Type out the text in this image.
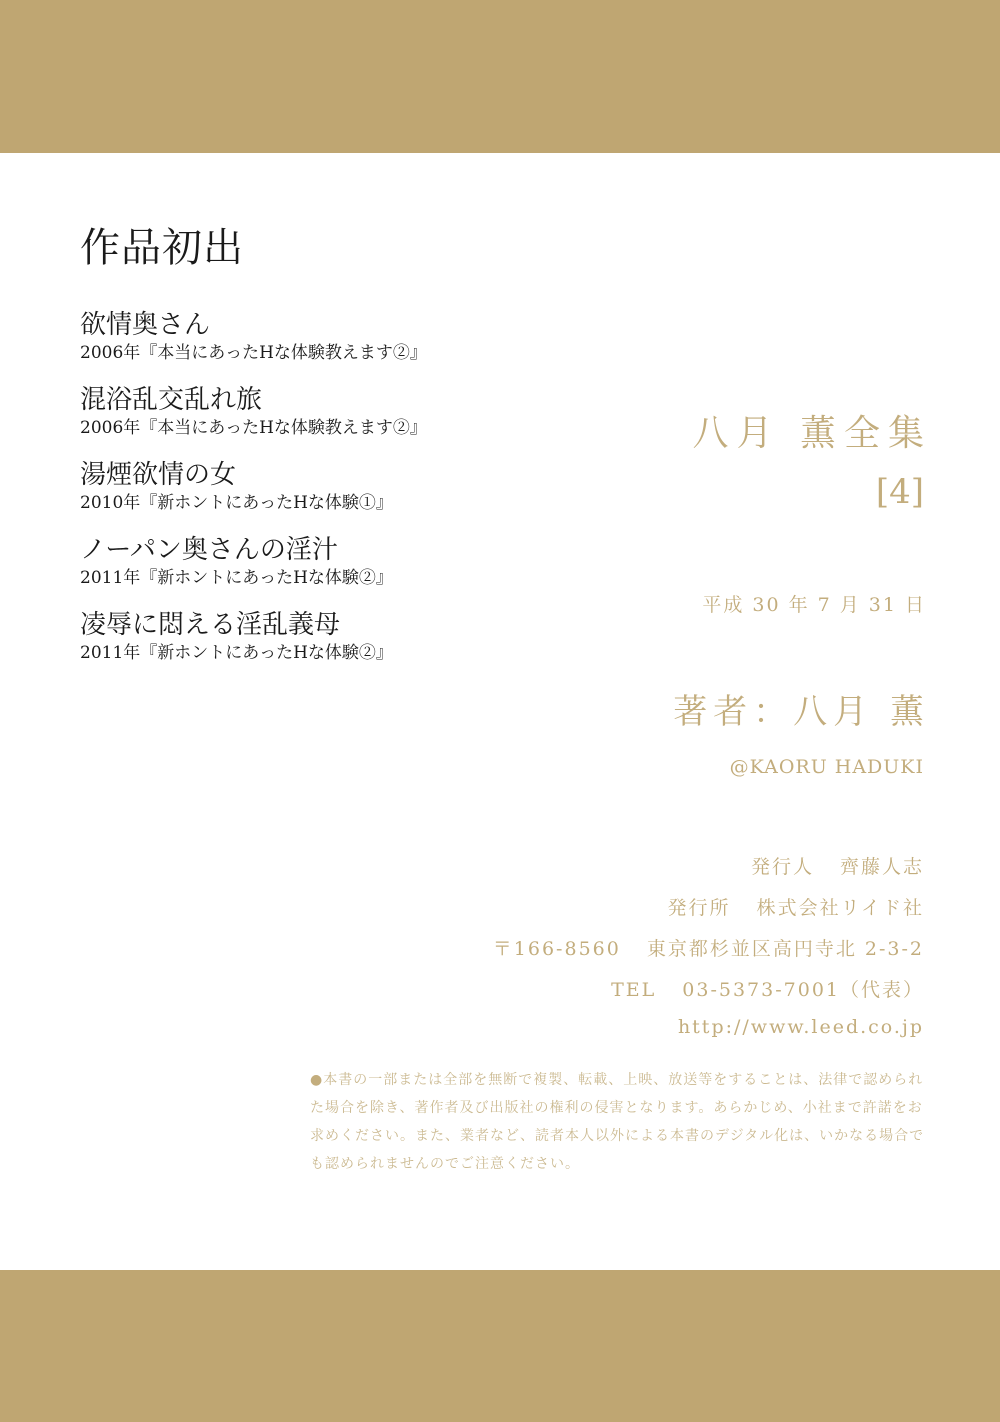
作品初出
欲情奥さん
2006年『本当にあったHな体験教えます②』
混浴乱交乱れ旅
2006年『本当にあったHな体験教えます②』
湯煙欲情の女
2010年『新ホントにあったHな体験①』
ノーパン奥さんの淫汁
2011年『新ホントにあったHな体験②』
凌辱に悶える淫乱義母
2011年『新ホントにあったHな体験②』
八月 薫全集
[4]
平成 30 年 7 月 31 日
著者：八月 薫
@KAORU HADUKI
発行人 齊藤人志
発行所 株式会社リイド社
〒166-8560 東京都杉並区高円寺北 2-3-2
TEL 03-5373-7001（代表）
http://www.leed.co.jp
●本書の一部または全部を無断で複製、転載、上映、放送等をすることは、法律で認められた場合を除き、著作者及び出版社の権利の侵害となります。あらかじめ、小社まで許諾をお求めください。また、業者など、読者本人以外による本書のデジタル化は、いかなる場合でも認められませんのでご注意ください。
